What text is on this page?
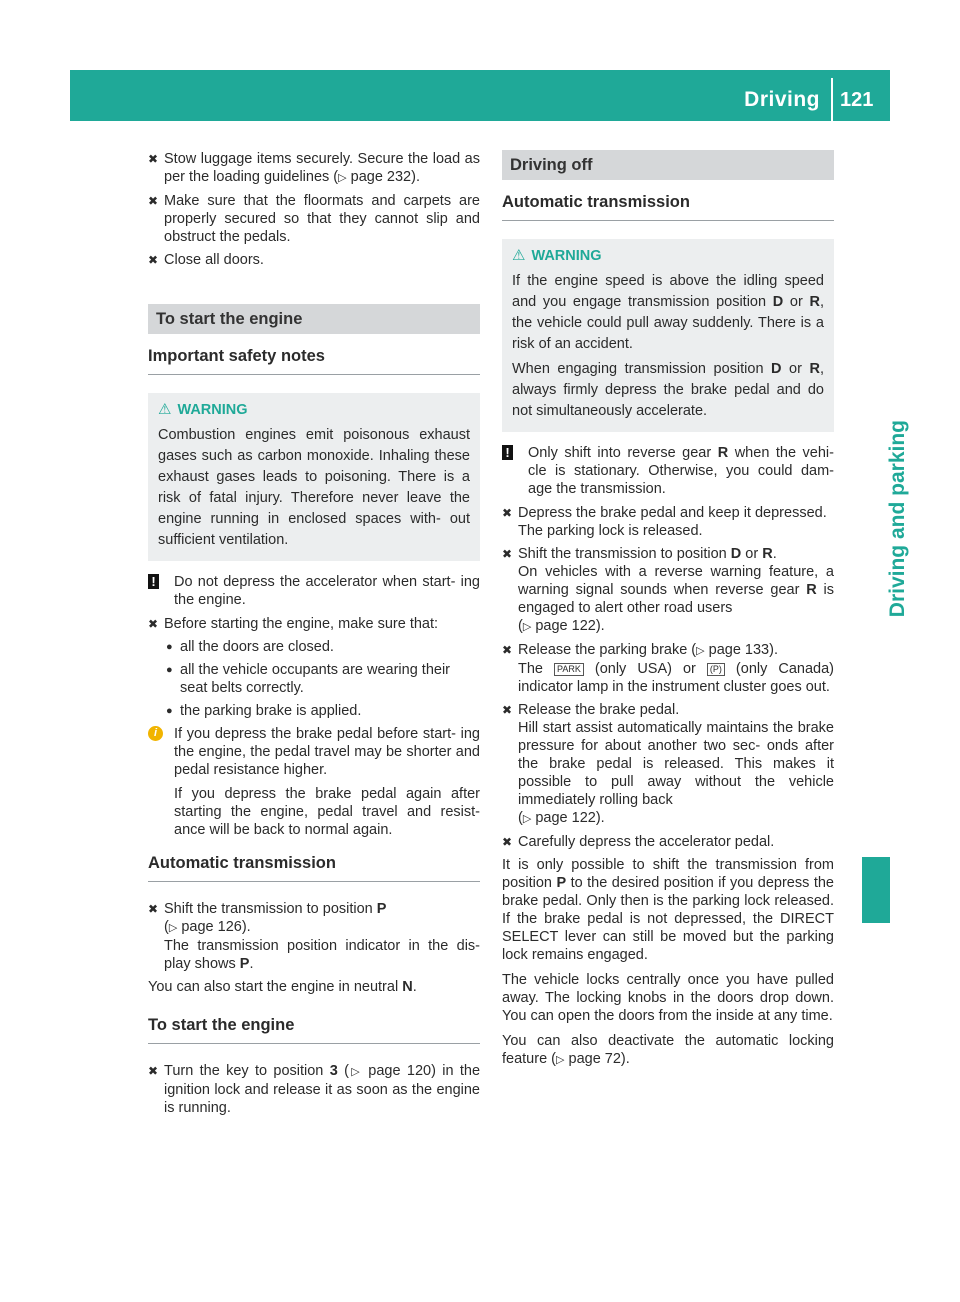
Driving 121
Driving and parking
✖ Stow luggage items securely. Secure the load as per the loading guidelines (▷ page 232).
✖ Make sure that the floormats and carpets are properly secured so that they cannot slip and obstruct the pedals.
✖ Close all doors.
To start the engine
Important safety notes
⚠ WARNING

Combustion engines emit poisonous exhaust gases such as carbon monoxide. Inhaling these exhaust gases leads to poisoning. There is a risk of fatal injury. Therefore never leave the engine running in enclosed spaces with- out sufficient ventilation.

! Do not depress the accelerator when start- ing the engine.

✖ Before starting the engine, make sure that:
● all the doors are closed.
● all the vehicle occupants are wearing their seat belts correctly.
● the parking brake is applied.
i	If you depress the brake pedal before start- ing the engine, the pedal travel may be shorter and pedal resistance higher.

If you depress the brake pedal again after starting the engine, pedal travel and resist- ance will be back to normal again.

Automatic transmission
✖ Shift the transmission to position P
(▷ page 126).
The transmission position indicator in the dis- play shows P.

You can also start the engine in neutral N.

To start the engine
✖ Turn the key to position 3 (▷ page 120) in the ignition lock and release it as soon as the engine is running.
Driving off
Automatic transmission
⚠ WARNING

If the engine speed is above the idling speed and you engage transmission position D or R, the vehicle could pull away suddenly. There is a risk of an accident.

When engaging transmission position D or R, always firmly depress the brake pedal and do not simultaneously accelerate.

! Only shift into reverse gear R when the vehi- cle is stationary. Otherwise, you could dam- age the transmission.

✖ Depress the brake pedal and keep it depressed.
The parking lock is released.
✖ Shift the transmission to position D or R.
On vehicles with a reverse warning feature, a warning signal sounds when reverse gear R is engaged to alert other road users
(▷ page 122).
✖ Release the parking brake (▷ page 133).
The PARK (only USA) or (P) (only Canada) indicator lamp in the instrument cluster goes out.
✖ Release the brake pedal.
Hill start assist automatically maintains the brake pressure for about another two sec- onds after the brake pedal is released. This makes it possible to pull away without the vehicle immediately rolling back
(▷ page 122).
✖ Carefully depress the accelerator pedal.

It is only possible to shift the transmission from position P to the desired position if you depress the brake pedal. Only then is the parking lock released. If the brake pedal is not depressed, the DIRECT SELECT lever can still be moved but the parking lock remains engaged.

The vehicle locks centrally once you have pulled away. The locking knobs in the doors drop down. You can open the doors from the inside at any time.

You can also deactivate the automatic locking feature (▷ page 72).
